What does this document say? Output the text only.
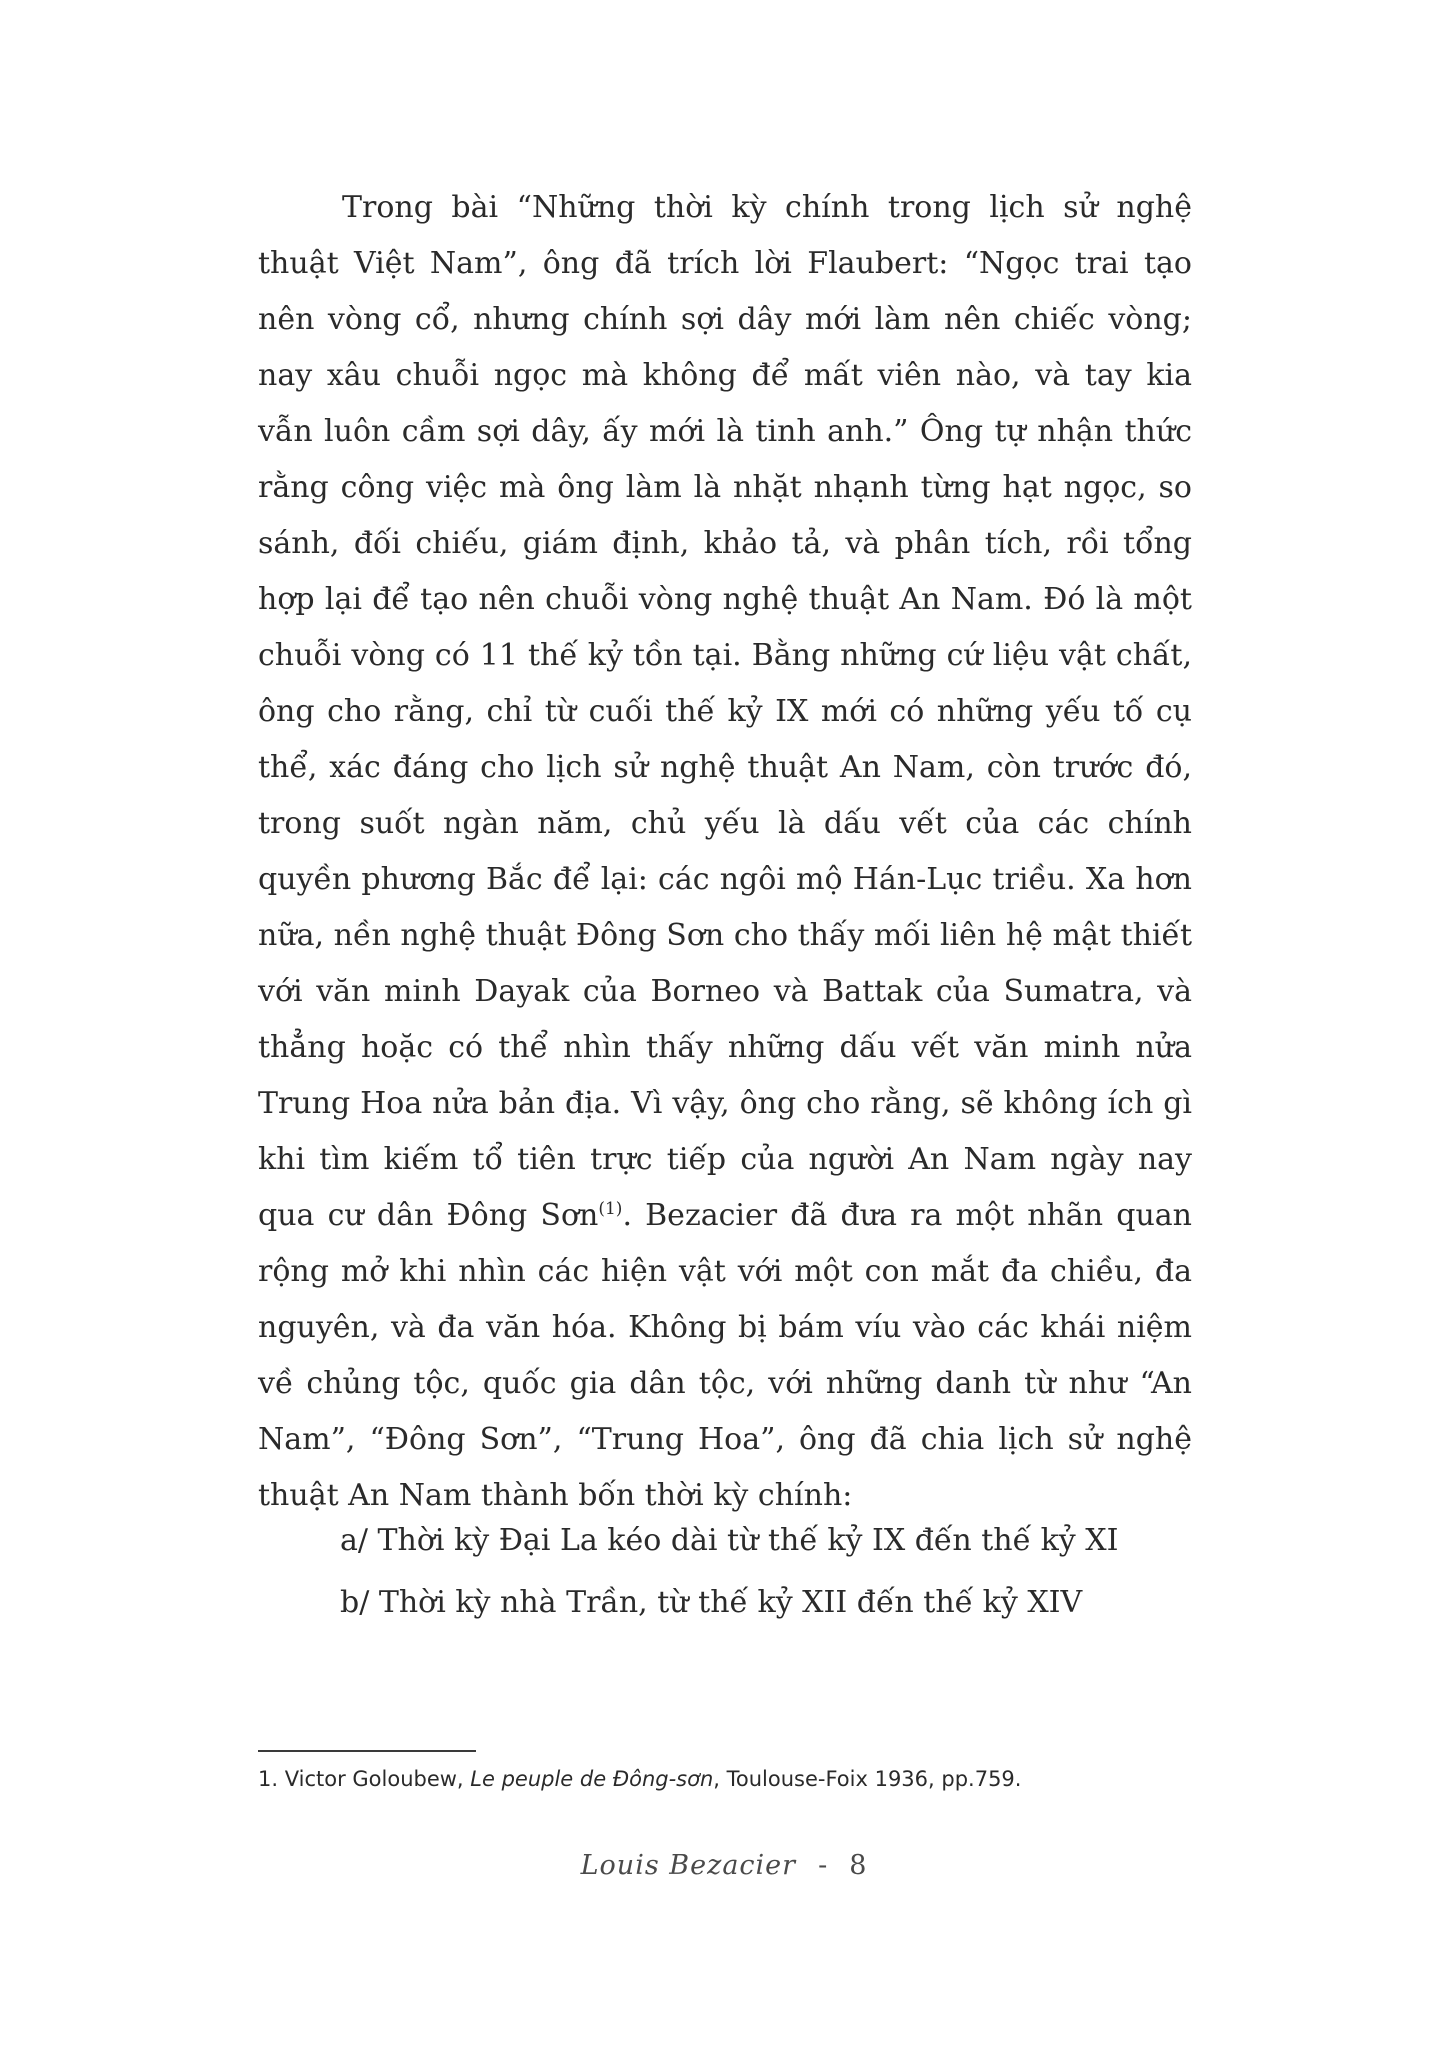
Trong bài “Những thời kỳ chính trong lịch sử nghệ thuật Việt Nam”, ông đã trích lời Flaubert: “Ngọc trai tạo nên vòng cổ, nhưng chính sợi dây mới làm nên chiếc vòng; nay xâu chuỗi ngọc mà không để mất viên nào, và tay kia vẫn luôn cầm sợi dây, ấy mới là tinh anh.” Ông tự nhận thức rằng công việc mà ông làm là nhặt nhạnh từng hạt ngọc, so sánh, đối chiếu, giám định, khảo tả, và phân tích, rồi tổng hợp lại để tạo nên chuỗi vòng nghệ thuật An Nam. Đó là một chuỗi vòng có 11 thế kỷ tồn tại. Bằng những cứ liệu vật chất, ông cho rằng, chỉ từ cuối thế kỷ IX mới có những yếu tố cụ thể, xác đáng cho lịch sử nghệ thuật An Nam, còn trước đó, trong suốt ngàn năm, chủ yếu là dấu vết của các chính quyền phương Bắc để lại: các ngôi mộ Hán-Lục triều. Xa hơn nữa, nền nghệ thuật Đông Sơn cho thấy mối liên hệ mật thiết với văn minh Dayak của Borneo và Battak của Sumatra, và thẳng hoặc có thể nhìn thấy những dấu vết văn minh nửa Trung Hoa nửa bản địa. Vì vậy, ông cho rằng, sẽ không ích gì khi tìm kiếm tổ tiên trực tiếp của người An Nam ngày nay qua cư dân Đông Sơn$^{(1)}$. Bezacier đã đưa ra một nhãn quan rộng mở khi nhìn các hiện vật với một con mắt đa chiều, đa nguyên, và đa văn hóa. Không bị bám víu vào các khái niệm về chủng tộc, quốc gia dân tộc, với những danh từ như “An Nam”, “Đông Sơn”, “Trung Hoa”, ông đã chia lịch sử nghệ thuật An Nam thành bốn thời kỳ chính:

a/ Thời kỳ Đại La kéo dài từ thế kỷ IX đến thế kỷ XI
b/ Thời kỳ nhà Trần, từ thế kỷ XII đến thế kỷ XIV

1. Victor Goloubew, Le peuple de Đông-sơn, Toulouse-Foix 1936, pp.759.

Louis Bezacier - 8
